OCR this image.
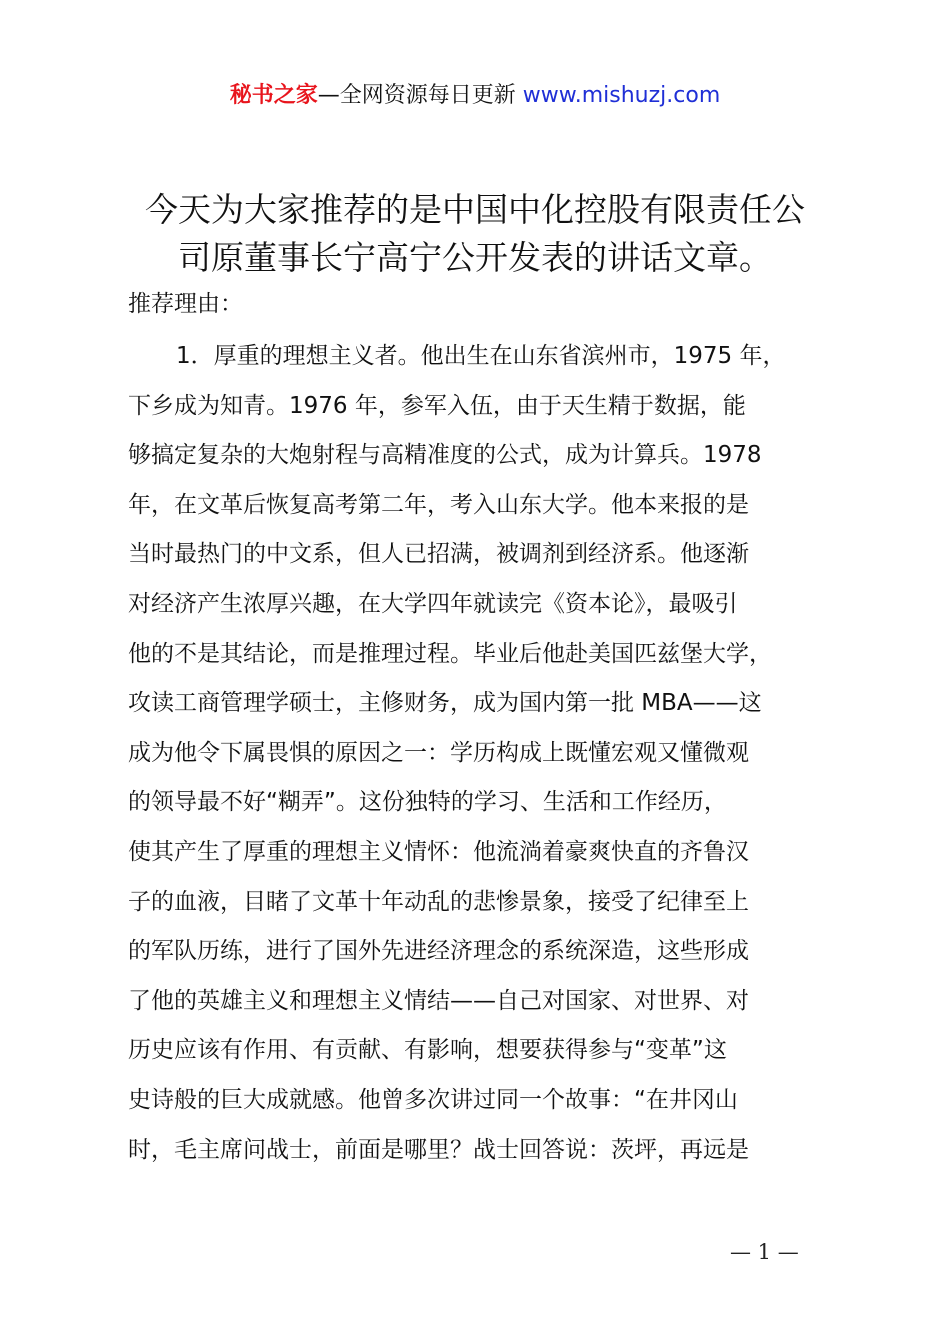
秘书之家—全网资源每日更新 www.mishuzj.com
今天为大家推荐的是中国中化控股有限责任公
司原董事长宁高宁公开发表的讲话文章。
推荐理由：
1．厚重的理想主义者。他出生在山东省滨州市，1975 年，
下乡成为知青。1976 年，参军入伍，由于天生精于数据，能
够搞定复杂的大炮射程与高精准度的公式，成为计算兵。1978
年，在文革后恢复高考第二年，考入山东大学。他本来报的是
当时最热门的中文系，但人已招满，被调剂到经济系。他逐渐
对经济产生浓厚兴趣，在大学四年就读完《资本论》，最吸引
他的不是其结论，而是推理过程。毕业后他赴美国匹兹堡大学，
攻读工商管理学硕士，主修财务，成为国内第一批 MBA——这
成为他令下属畏惧的原因之一：学历构成上既懂宏观又懂微观
的领导最不好“糊弄”。这份独特的学习、生活和工作经历，
使其产生了厚重的理想主义情怀：他流淌着豪爽快直的齐鲁汉
子的血液，目睹了文革十年动乱的悲惨景象，接受了纪律至上
的军队历练，进行了国外先进经济理念的系统深造，这些形成
了他的英雄主义和理想主义情结——自己对国家、对世界、对
历史应该有作用、有贡献、有影响，想要获得参与“变革”这
史诗般的巨大成就感。他曾多次讲过同一个故事：“在井冈山
时，毛主席问战士，前面是哪里？战士回答说：茨坪，再远是
— 1 —
